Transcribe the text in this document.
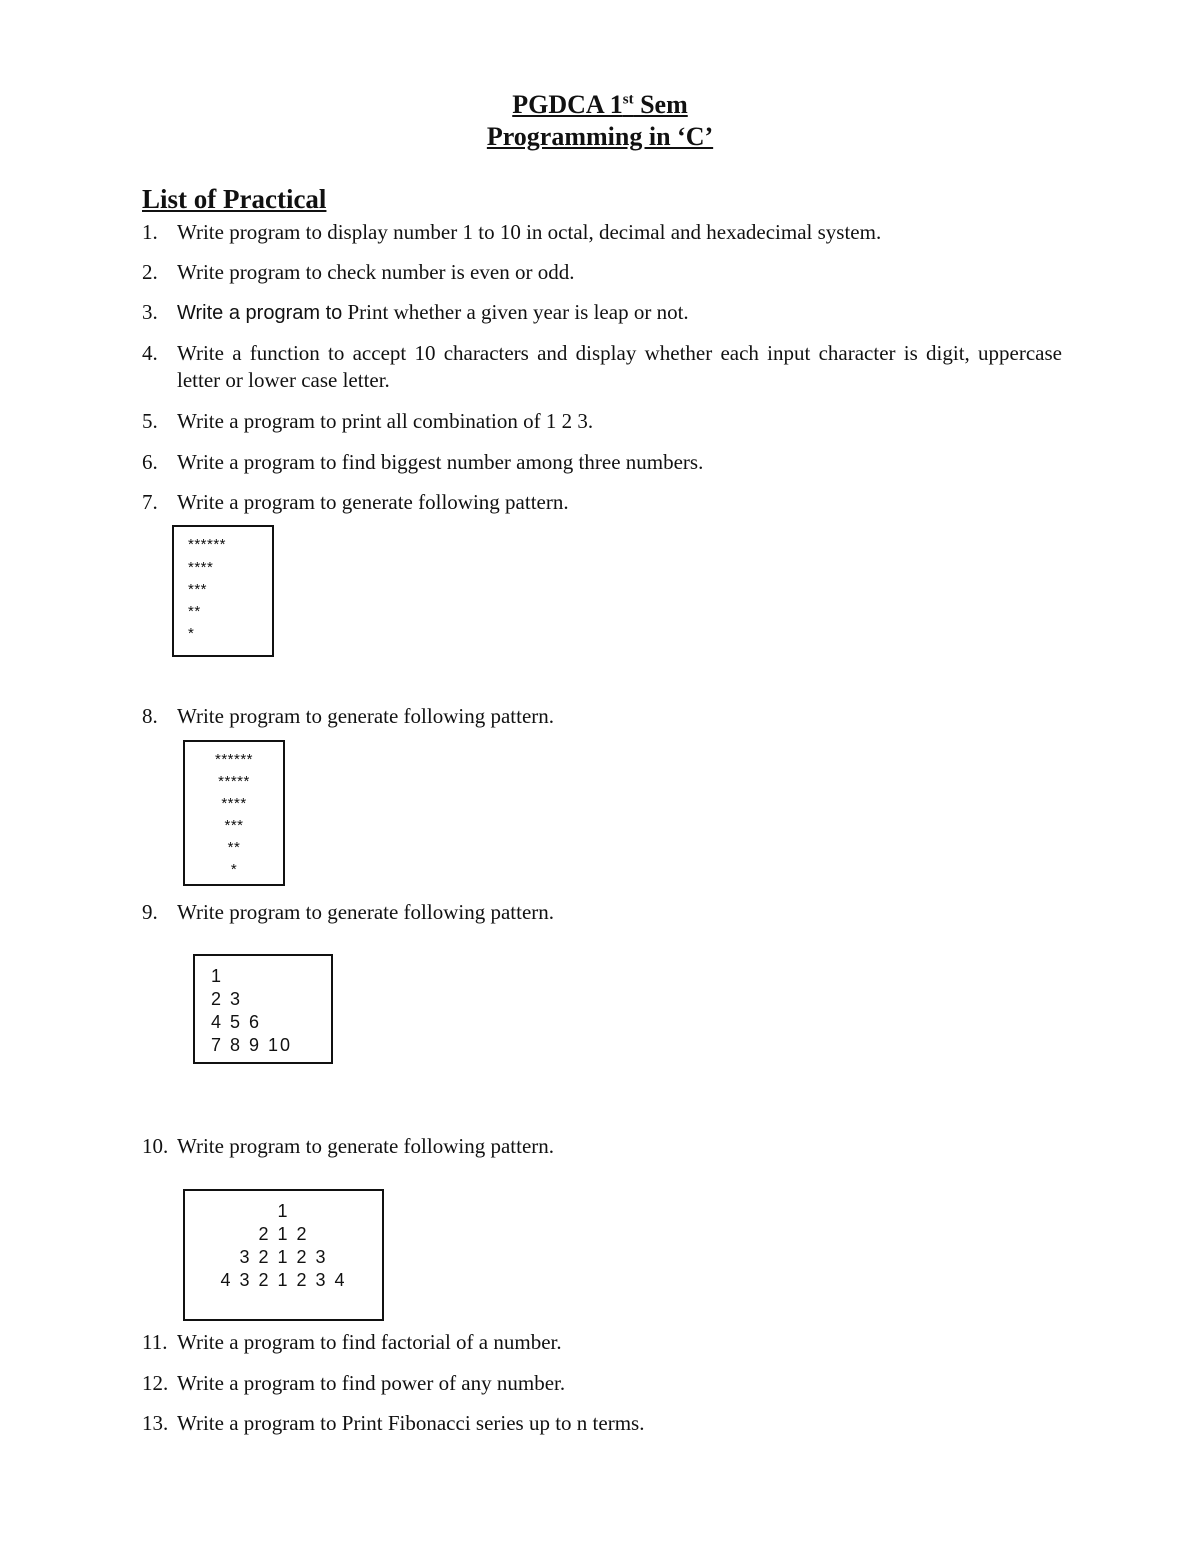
PGDCA 1st Sem
Programming in ‘C’
List of Practical
1. Write program to display number 1 to 10 in octal, decimal and hexadecimal system.
2. Write program to check number is even or odd.
3. Write a program to Print whether a given year is leap or not.
4. Write a function to accept 10 characters and display whether each input character is digit, uppercase letter or lower case letter.
5. Write a program to print all combination of 1 2 3.
6. Write a program to find biggest number among three numbers.
7. Write a program to generate following pattern.
******
****
***
**
*
8. Write program to generate following pattern.
******
*****
****
***
**
*
9. Write program to generate following pattern.
1
2 3
4 5 6
7 8 9 10
10. Write program to generate following pattern.
1
2 1 2
3 2 1 2 3
4 3 2 1 2 3 4
11. Write a program to find factorial of a number.
12. Write a program to find power of any number.
13. Write a program to Print Fibonacci series up to n terms.
